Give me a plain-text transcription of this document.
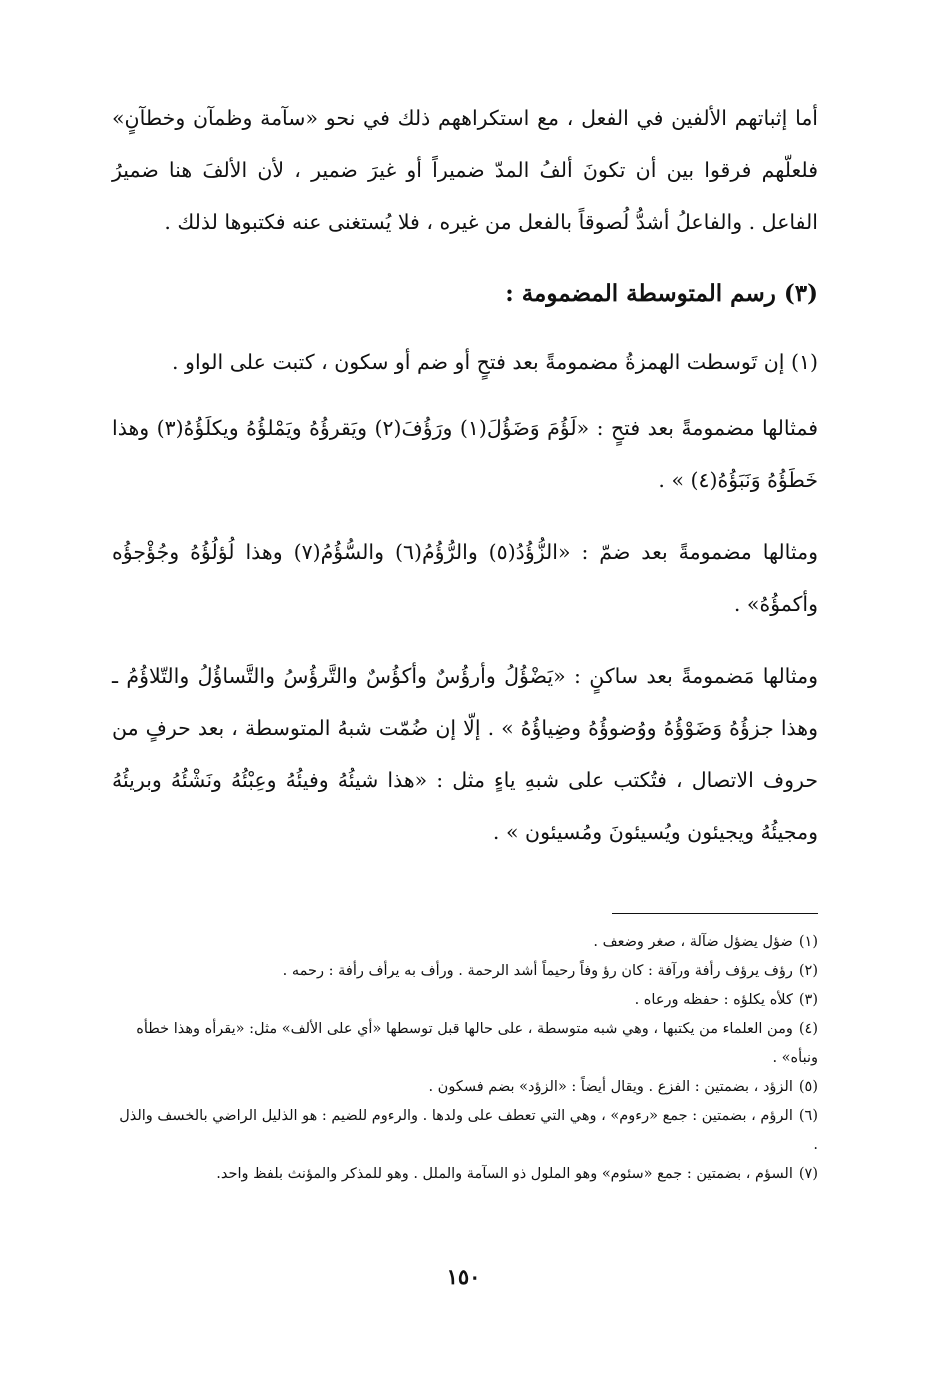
أما إثباتهم الألفين في الفعل ، مع استكراههم ذلك في نحو «سآمة وظمآن وخطآنٍ» فلعلّهم فرقوا بين أن تكونَ ألفُ المدّ ضميراً أو غيرَ ضمير ، لأن الألفَ هنا ضميرُ الفاعل . والفاعلُ أشدُّ لُصوقاً بالفعل من غيره ، فلا يُستغنى عنه فكتبوها لذلك .

(٣) رسم المتوسطة المضمومة :

(١) إن تَوسطت الهمزةُ مضمومةً بعد فتحٍ أو ضم أو سكون ، كتبت على الواو .

فمثالها مضمومةً بعد فتحٍ : «لَؤُمَ وَضَؤُلَ(١) ورَؤُفَ(٢) ويَقرؤُهُ ويَمْلؤُهُ ويكلَؤُهُ(٣) وهذا خَطَؤُهُ وَنَبَؤُهُ(٤) » .

ومثالها مضمومةً بعد ضمّ : «الزُّؤُدُ(٥) والرُّؤُمُ(٦) والسُّؤُمُ(٧) وهذا لُؤلُؤُهُ وجُؤْجؤُه وأكمؤُهُ» .

ومثالها مَضمومةً بعد ساكنٍ : «يَضْؤُلُ وأرؤُسٌ وأكؤُسٌ والتَّرؤُسُ والتَّساؤُلُ والتّلاؤُمُ ـ وهذا جزؤُهُ وَضَوْؤُهُ ووُضوؤُهُ وضِياؤُهُ » . إلّا إن ضُمّت شبهُ المتوسطة ، بعد حرفٍ من حروف الاتصال ، فتُكتب على شبهِ ياءٍ مثل : «هذا شيئُهُ وفيئُهُ وعِبْئُهُ ونَشْئُهُ وبريئُهُ ومجيئُهُ ويجيئون ويُسيئونَ ومُسيئون » .

(١)ضؤل يضؤل ضآلة ، صغر وضعف .

(٢)رؤف يرؤف رأفة ورآفة : كان رؤ وفاً رحيماً أشد الرحمة . ورأف به يرأف رأفة : رحمه .

(٣)كلأه يكلؤه : حفظه ورعاه .

(٤)ومن العلماء من يكتبها ، وهي شبه متوسطة ، على حالها قبل توسطها «أي على الألف» مثل: «يقرأه وهذا خطأه ونبأه» .

(٥)الزؤد ، بضمتين : الفزع . ويقال أيضاً : «الزؤد» بضم فسكون .

(٦)الرؤم ، بضمتين : جمع «رءوم» ، وهي التي تعطف على ولدها . والرءوم للضيم : هو الذليل الراضي بالخسف والذل .

(٧)السؤم ، بضمتين : جمع «سئوم» وهو الملول ذو السآمة والملل . وهو للمذكر والمؤنث بلفظ واحد.

١٥٠
